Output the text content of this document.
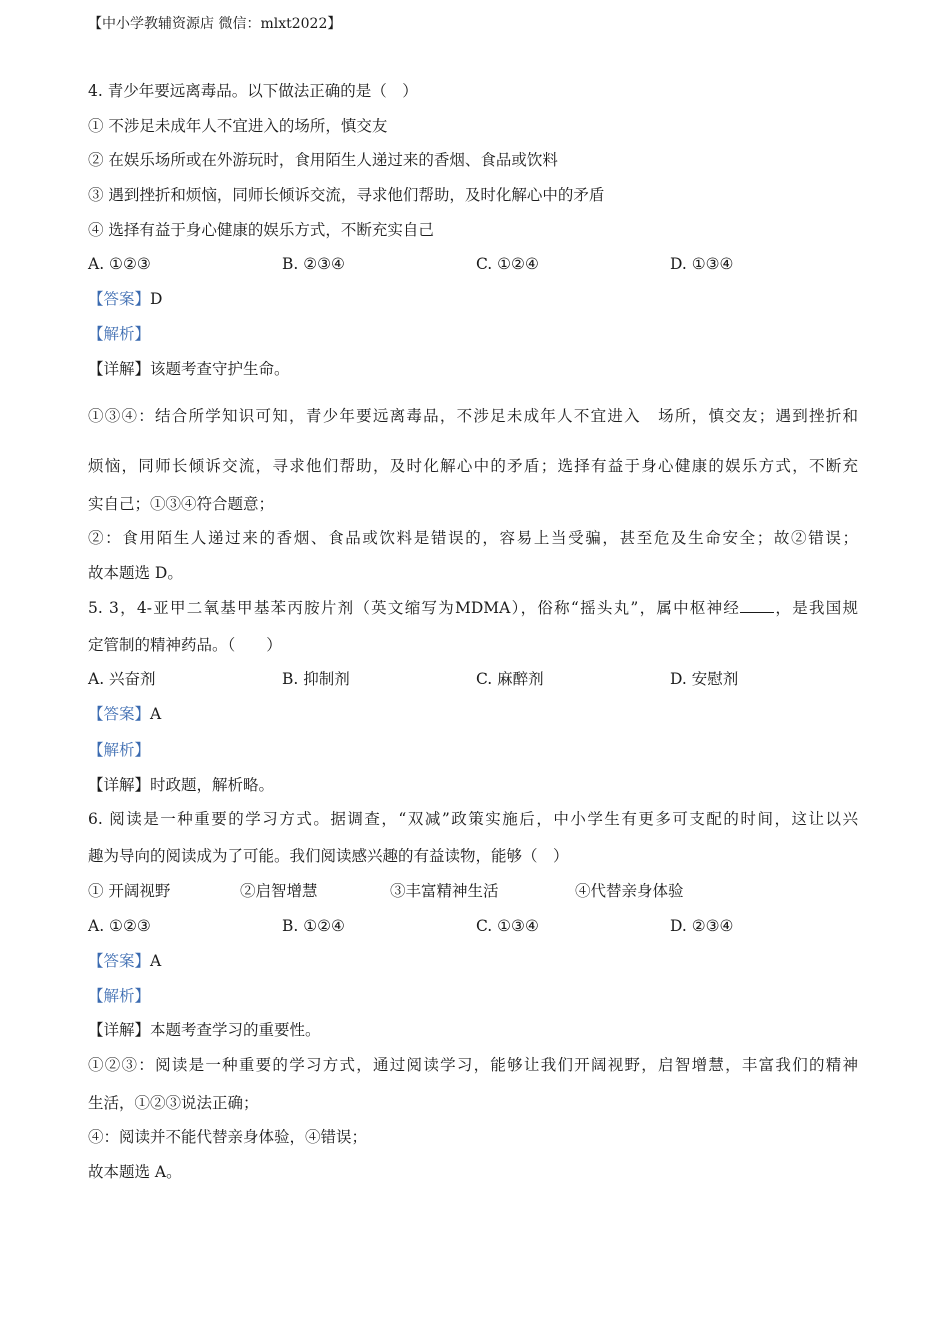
【中小学教辅资源店 微信：mlxt2022】
4. 青少年要远离毒品。以下做法正确的是（　）
① 不涉足未成年人不宜进入的场所，慎交友
② 在娱乐场所或在外游玩时，食用陌生人递过来的香烟、食品或饮料
③ 遇到挫折和烦恼，同师长倾诉交流，寻求他们帮助，及时化解心中的矛盾
④ 选择有益于身心健康的娱乐方式，不断充实自己
A. ①②③	B. ②③④	C. ①②④	D. ①③④
【答案】D
【解析】
【详解】该题考查守护生命。
①③④：结合所学知识可知，青少年要远离毒品，不涉足未成年人不宜进入 场所，慎交友；遇到挫折和
烦恼，同师长倾诉交流，寻求他们帮助，及时化解心中的矛盾；选择有益于身心健康的娱乐方式，不断充
实自己；①③④符合题意；
②：食用陌生人递过来的香烟、食品或饮料是错误的，容易上当受骗，甚至危及生命安全；故②错误；
故本题选 D。
5. 3，4-亚甲二氧基甲基苯丙胺片剂（英文缩写为MDMA），俗称“摇头丸”，属中枢神经 ，是我国规
定管制的精神药品。（　　）
A. 兴奋剂	B. 抑制剂	C. 麻醉剂	D. 安慰剂
【答案】A
【解析】
【详解】时政题，解析略。
6. 阅读是一种重要的学习方式。据调查，“双减”政策实施后，中小学生有更多可支配的时间，这让以兴
趣为导向的阅读成为了可能。我们阅读感兴趣的有益读物，能够（　）
① 开阔视野	②启智增慧	③丰富精神生活	④代替亲身体验
A. ①②③	B. ①②④	C. ①③④	D. ②③④
【答案】A
【解析】
【详解】本题考查学习的重要性。
①②③：阅读是一种重要的学习方式，通过阅读学习，能够让我们开阔视野，启智增慧，丰富我们的精神
生活，①②③说法正确；
④：阅读并不能代替亲身体验，④错误；
故本题选 A。
